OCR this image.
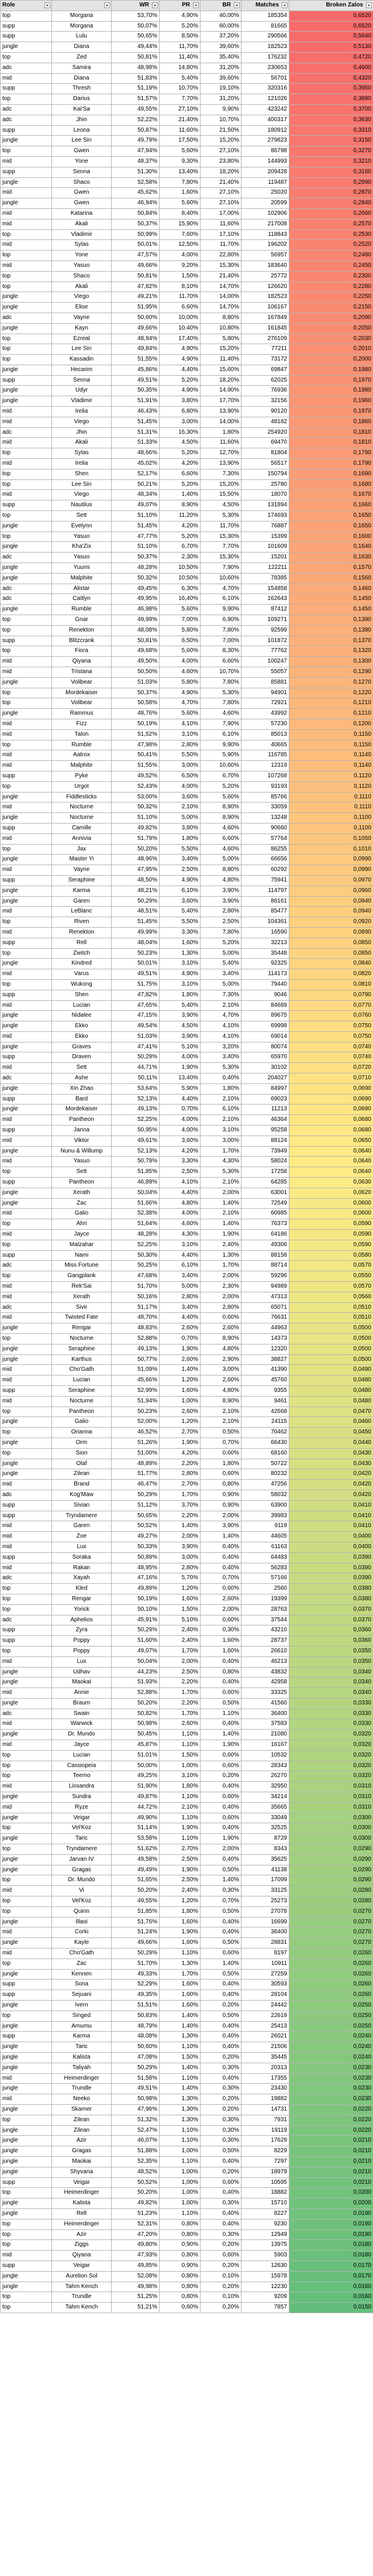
Role		WR	PR	BR	Matches	Broken Zalos

top	Morgana	53,70%	4,90%	40,00%	185354	0,6520
supp	Morgana	50,07%	5,20%	60,00%	81665	0,6520
supp	Lulu	50,65%	8,50%	37,20%	290566	0,5640
jungle	Diana	49,44%	11,70%	39,60%	182523	0,5130
top	Zed	50,81%	11,40%	35,40%	176232	0,4720
adc	Samira	48,98%	14,80%	31,20%	230653	0,4600
mid	Diana	51,83%	5,40%	39,60%	56701	0,4320
supp	Thresh	51,19%	10,70%	19,10%	320316	0,3950
top	Darius	51,57%	7,70%	31,20%	121026	0,3890
adc	Kai'Sa	49,55%	27,10%	9,90%	423242	0,3700
adc	Jhin	52,22%	21,40%	10,70%	400317	0,3630
supp	Leona	50,87%	11,60%	21,50%	180912	0,3310
jungle	Lee Sin	49,79%	17,50%	15,20%	279823	0,3150
top	Gwen	47,94%	5,60%	27,10%	86798	0,3270
mid	Yone	48,37%	9,30%	23,80%	144993	0,3210
supp	Senna	51,30%	13,40%	18,20%	209428	0,3160
jungle	Shaco	52,58%	7,80%	21,40%	119487	0,2990
mid	Gwen	45,62%	1,60%	27,10%	25020	0,2870
jungle	Gwen	46,94%	5,60%	27,10%	20599	0,2840
mid	Katarina	50,84%	8,40%	17,00%	102906	0,2660
mid	Akali	50,37%	15,90%	11,60%	217008	0,2570
top	Vladimir	50,99%	7,60%	17,10%	118843	0,2530
mid	Sylas	50,01%	12,50%	11,70%	196202	0,2520
top	Yone	47,57%	4,00%	22,80%	56957	0,2480
mid	Yasuo	49,66%	9,20%	15,30%	183640	0,2450
top	Shaco	50,81%	1,50%	21,40%	25772	0,2300
top	Akali	47,82%	8,10%	14,70%	126620	0,2280
jungle	Viego	49,21%	11,70%	14,00%	182523	0,2250
jungle	Elise	51,95%	6,60%	14,70%	106167	0,2150
adc	Vayne	50,60%	10,00%	8,80%	167849	0,2090
jungle	Kayn	49,66%	10,40%	10,80%	161845	0,2050
top	Ezreal	48,94%	17,40%	5,80%	276109	0,2030
top	Lee Sin	49,84%	4,90%	15,20%	77211	0,2010
top	Kassadin	51,55%	4,90%	11,40%	73172	0,2000
jungle	Hecarim	45,86%	4,40%	15,60%	69847	0,1980
supp	Senna	49,51%	5,20%	18,20%	62025	0,1970
jungle	Udyr	50,35%	4,90%	14,90%	76936	0,1980
jungle	Vladimir	51,91%	3,80%	17,70%	32156	0,1960
mid	Irelia	46,43%	6,80%	13,90%	90120	0,1970
mid	Viego	51,45%	3,00%	14,00%	48182	0,1860
adc	Jhin	51,31%	16,30%	1,80%	254920	0,1810
mid	Akali	51,33%	4,50%	11,60%	69470	0,1810
top	Sylas	48,66%	5,20%	12,70%	81804	0,1790
mid	Irelia	45,02%	4,20%	13,90%	56517	0,1790
top	Shen	52,17%	6,60%	7,30%	150794	0,1690
top	Lee Sin	50,21%	5,20%	15,20%	25780	0,1680
mid	Viego	48,34%	1,40%	15,50%	18070	0,1670
supp	Nautilus	49,07%	8,90%	4,50%	131894	0,1660
top	Sett	51,10%	11,20%	5,30%	174693	0,1650
jungle	Evelynn	51,45%	4,20%	11,70%	76887	0,1650
top	Yasuo	47,77%	5,20%	15,30%	15399	0,1600
jungle	Kha'Zix	51,10%	6,70%	7,70%	101609	0,1640
adc	Yasuo	50,37%	2,30%	15,30%	15201	0,1630
jungle	Yuumi	48,28%	10,50%	7,90%	122211	0,1570
jungle	Malphite	50,32%	10,50%	10,60%	78385	0,1560
adc	Alistar	49,45%	6,30%	4,70%	154858	0,1460
adc	Caitlyn	49,95%	16,40%	6,10%	162643	0,1450
jungle	Rumble	46,98%	5,60%	9,90%	87412	0,1450
top	Gnar	49,99%	7,00%	6,90%	109271	0,1390
top	Renekton	48,08%	5,80%	7,80%	92599	0,1380
supp	Blitzcrank	50,81%	6,50%	7,00%	101872	0,1370
top	Fiora	49,68%	5,60%	8,30%	77762	0,1320
mid	Qiyana	49,50%	4,00%	6,60%	100247	0,1300
mid	Tristana	50,50%	4,60%	10,70%	55057	0,1290
jungle	Volibear	51,03%	5,80%	7,80%	85881	0,1270
top	Mordekaiser	50,37%	4,90%	5,30%	94901	0,1220
top	Volibear	50,58%	4,70%	7,80%	72921	0,1210
jungle	Rammus	48,76%	5,60%	4,60%	43992	0,1210
mid	Fizz	50,19%	4,10%	7,90%	57230	0,1200
mid	Talon	51,52%	3,10%	6,10%	85013	0,1150
top	Rumble	47,98%	2,80%	9,90%	40665	0,1150
mid	Aatrox	50,41%	5,50%	5,90%	116785	0,1140
mid	Malphite	51,55%	3,00%	10,60%	12319	0,1140
supp	Pyke	49,52%	6,50%	6,70%	107268	0,1120
top	Urgot	52,43%	4,00%	5,20%	93193	0,1120
jungle	Fiddlesticks	53,00%	3,60%	5,60%	85766	0,1110
mid	Nocturne	50,32%	2,10%	8,90%	33059	0,1110
jungle	Nocturne	51,10%	5,00%	8,90%	13248	0,1100
supp	Camille	49,82%	3,80%	4,60%	90660	0,1100
mid	Annivia	51,79%	1,80%	6,60%	57764	0,1050
top	Jax	50,20%	5,50%	4,60%	86255	0,1010
jungle	Master Yi	48,96%	3,40%	5,00%	66656	0,0990
mid	Vayne	47,95%	2,50%	8,80%	60292	0,0990
supp	Seraphine	48,50%	4,90%	4,80%	75941	0,0970
jungle	Karma	48,21%	6,10%	3,90%	114797	0,0960
jungle	Garen	50,29%	3,60%	3,90%	86161	0,0940
mid	LeBlanc	48,51%	5,40%	2,80%	85477	0,0940
top	Riven	51,45%	5,50%	2,50%	104361	0,0920
mid	Renekton	49,99%	3,30%	7,80%	16590	0,0890
supp	Rell	48,04%	1,60%	5,20%	32213	0,0850
top	Zwitch	50,23%	1,30%	5,00%	35448	0,0850
jungle	Kindred	50,01%	3,10%	5,40%	92325	0,0840
mid	Varus	49,51%	4,90%	3,40%	114173	0,0820
top	Wukong	51,75%	3,10%	5,00%	79440	0,0810
supp	Shen	47,82%	1,80%	7,30%	9046	0,0790
mid	Lucian	47,65%	5,40%	2,10%	84689	0,0770
jungle	Nidalee	47,15%	3,90%	4,70%	89675	0,0760
jungle	Ekko	49,54%	4,50%	4,10%	69998	0,0750
mid	Ekko	51,03%	3,90%	4,10%	69014	0,0750
jungle	Graves	47,41%	5,10%	3,20%	80074	0,0740
supp	Draven	50,29%	4,00%	3,40%	65970	0,0740
mid	Sett	44,71%	1,90%	5,30%	30102	0,0720
adc	Ashe	50,11%	13,40%	0,40%	204027	0,0710
jungle	Xin Zhao	53,64%	5,90%	1,80%	84997	0,0690
supp	Bard	52,13%	4,40%	2,10%	69023	0,0690
jungle	Mordekaiser	49,13%	0,70%	6,10%	11213	0,0690
mid	Pantheon	52,25%	4,00%	2,10%	46364	0,0680
supp	Janna	50,95%	4,00%	3,10%	95258	0,0680
mid	Viktor	49,61%	3,60%	3,00%	88124	0,0650
jungle	Nunu & Willump	52,13%	4,20%	1,70%	73949	0,0640
mid	Yasuo	50,79%	3,30%	4,30%	58024	0,0640
top	Sett	51,85%	2,50%	5,30%	17258	0,0640
supp	Pantheon	46,89%	4,10%	2,10%	64285	0,0630
jungle	Xerath	50,04%	4,40%	2,00%	63001	0,0620
jungle	Zac	51,66%	4,80%	1,40%	72549	0,0600
mid	Galio	52,38%	4,00%	2,10%	60985	0,0600
top	Ahri	51,64%	4,60%	1,40%	76373	0,0590
mid	Jayce	48,28%	4,30%	1,90%	64186	0,0590
top	Malzahar	52,25%	3,10%	2,40%	49306	0,0590
supp	Nami	50,30%	4,40%	1,30%	88158	0,0580
adc	Miss Fortune	50,25%	6,10%	1,70%	88714	0,0570
top	Gangplank	47,68%	3,40%	2,00%	59296	0,0550
mid	Rek'Sai	51,70%	5,00%	2,30%	94989	0,0570
mid	Xerath	50,16%	2,80%	2,00%	47313	0,0560
adc	Sivir	51,17%	3,40%	2,80%	65071	0,0510
mid	Twisted Fate	48,70%	4,40%	0,60%	76631	0,0510
jungle	Rengar	48,83%	2,60%	2,60%	44963	0,0500
top	Nocturne	52,88%	0,70%	8,90%	14373	0,0500
jungle	Seraphine	49,13%	1,90%	4,80%	12320	0,0500
jungle	Karthus	50,77%	2,60%	2,90%	38827	0,0500
mid	Cho'Gath	51,09%	1,40%	3,00%	41390	0,0490
mid	Lucian	45,66%	1,20%	2,60%	45760	0,0480
supp	Seraphine	52,99%	1,60%	4,80%	9355	0,0480
mid	Nocturne	51,94%	1,00%	8,90%	9461	0,0480
top	Pantheon	50,23%	2,60%	2,10%	42668	0,0470
jungle	Galio	52,00%	1,20%	2,10%	24115	0,0460
top	Orianna	46,52%	2,70%	0,50%	70462	0,0450
jungle	Orm	51,26%	1,90%	0,70%	66430	0,0440
top	Sion	51,00%	4,20%	0,60%	68160	0,0430
jungle	Olaf	48,89%	2,20%	1,80%	50722	0,0430
jungle	Zilean	51,77%	2,80%	0,60%	80232	0,0420
mid	Brand	46,47%	2,70%	0,80%	47256	0,0420
adc	Kog'Maw	50,29%	1,70%	0,90%	58032	0,0420
supp	Sivian	51,12%	3,70%	0,90%	63900	0,0410
supp	Tryndamere	50,65%	2,20%	2,00%	39983	0,0410
mid	Garen	50,52%	1,40%	3,90%	9119	0,0410
mid	Zoe	49,27%	2,00%	1,40%	44605	0,0400
mid	Lux	50,33%	3,90%	0,40%	61163	0,0400
supp	Soraka	50,89%	3,00%	0,40%	64483	0,0390
mid	Rakan	48,95%	2,80%	0,40%	56283	0,0390
adc	Xayah	47,16%	5,70%	0,70%	57166	0,0390
top	Kled	49,89%	1,20%	0,60%	2560	0,0380
top	Rengar	50,19%	1,60%	2,60%	19399	0,0380
top	Yorick	50,10%	1,50%	2,00%	28763	0,0370
adc	Aphelios	45,91%	5,10%	0,60%	37544	0,0370
supp	Zyra	50,29%	2,40%	0,30%	43210	0,0360
supp	Poppy	51,60%	2,40%	1,60%	28737	0,0360
top	Poppy	49,07%	1,70%	1,60%	26610	0,0350
mid	Lux	50,04%	2,00%	0,40%	46213	0,0350
jungle	Udhav	44,23%	2,50%	0,80%	43832	0,0340
jungle	Maokai	51,93%	2,20%	0,40%	42958	0,0340
mid	Annie	52,88%	1,70%	0,60%	33325	0,0340
jungle	Braum	50,20%	2,20%	0,50%	41560	0,0330
adc	Swain	50,82%	1,70%	1,10%	36400	0,0330
mid	Warwick	50,98%	2,60%	0,40%	37583	0,0330
jungle	Dr. Mundo	50,45%	1,10%	1,40%	21080	0,0320
mid	Jayce	45,87%	1,10%	1,90%	16167	0,0320
top	Lucian	51,01%	1,50%	0,60%	10532	0,0320
top	Cassiopeia	50,00%	1,00%	0,60%	28343	0,0320
top	Teemo	49,25%	3,10%	0,20%	26270	0,0320
mid	Lissandra	51,90%	1,80%	0,40%	32950	0,0310
jungle	Sundra	49,87%	1,10%	0,60%	34214	0,0310
mid	Ryze	44,72%	2,10%	0,40%	35665	0,0310
jungle	Veigar	49,90%	1,10%	0,60%	33049	0,0300
top	Vel'Koz	51,14%	1,90%	0,40%	32525	0,0300
jungle	Taric	53,58%	1,10%	1,90%	8729	0,0300
top	Tryndamere	51,62%	2,70%	2,00%	8343	0,0290
jungle	Jarvan IV	49,58%	2,50%	0,40%	35625	0,0290
jungle	Gragas	49,49%	1,90%	0,50%	41138	0,0290
top	Dr. Mundo	51,65%	2,50%	1,40%	17099	0,0290
mid	Vi	50,20%	2,40%	0,30%	33125	0,0280
top	Vel'Koz	49,55%	1,20%	0,70%	25273	0,0280
top	Quinn	51,85%	1,80%	0,50%	27078	0,0270
jungle	Illaoi	51,76%	1,60%	0,40%	16699	0,0270
mid	Corki	51,24%	1,90%	0,40%	36400	0,0270
jungle	Kayle	49,66%	1,60%	0,50%	28831	0,0270
mid	Cho'Gath	50,29%	1,10%	0,60%	8197	0,0260
top	Zac	51,70%	1,30%	1,40%	10911	0,0260
jungle	Kennen	49,33%	1,70%	0,50%	27259	0,0260
supp	Sona	52,29%	1,60%	0,40%	30593	0,0260
supp	Sejuani	49,35%	1,60%	0,40%	28104	0,0260
jungle	Ivern	51,51%	1,60%	0,20%	24442	0,0250
top	Singed	50,83%	1,40%	0,50%	22619	0,0250
jungle	Amumu	48,79%	1,40%	0,40%	25413	0,0250
supp	Karma	48,08%	1,30%	0,40%	26021	0,0240
jungle	Taric	50,60%	1,10%	0,40%	21506	0,0240
jungle	Kalista	47,08%	1,50%	0,20%	35445	0,0240
jungle	Taliyah	50,29%	1,40%	0,30%	20313	0,0230
mid	Heimerdinger	51,58%	1,10%	0,40%	17355	0,0230
jungle	Trundle	49,51%	1,40%	0,30%	23430	0,0230
mid	Neeko	50,98%	1,30%	0,20%	19882	0,0230
jungle	Skarner	47,96%	1,30%	0,20%	14731	0,0220
top	Zilean	51,32%	1,30%	0,30%	7931	0,0220
jungle	Zilean	52,47%	1,10%	0,30%	19119	0,0220
jungle	Azir	46,07%	1,10%	0,30%	17629	0,0210
jungle	Gragas	51,88%	1,00%	0,50%	8229	0,0210
jungle	Maokai	52,35%	1,10%	0,40%	7297	0,0210
jungle	Shyvana	48,52%	1,00%	0,20%	18979	0,0210
supp	Veigar	50,52%	1,00%	0,60%	10595	0,0210
top	Heimerdinger	50,20%	1,00%	0,40%	18882	0,0200
jungle	Kalista	49,82%	1,00%	0,30%	15710	0,0200
jungle	Rell	51,23%	1,10%	0,40%	8227	0,0190
top	Heimerdinger	52,31%	0,80%	0,40%	9230	0,0190
top	Azir	47,20%	0,80%	0,30%	12949	0,0190
top	Ziggs	49,80%	0,90%	0,20%	13975	0,0180
mid	Qiyana	47,93%	0,80%	0,60%	5903	0,0180
supp	Veigar	49,85%	0,90%	0,20%	12630	0,0170
jungle	Aurelion Sol	52,08%	0,80%	0,10%	15978	0,0170
jungle	Tahm Kench	49,98%	0,80%	0,20%	12230	0,0160
top	Trundle	51,25%	0,80%	0,10%	9209	0,0160
top	Tahm Kench	51,21%	0,60%	0,20%	7857	0,0150
